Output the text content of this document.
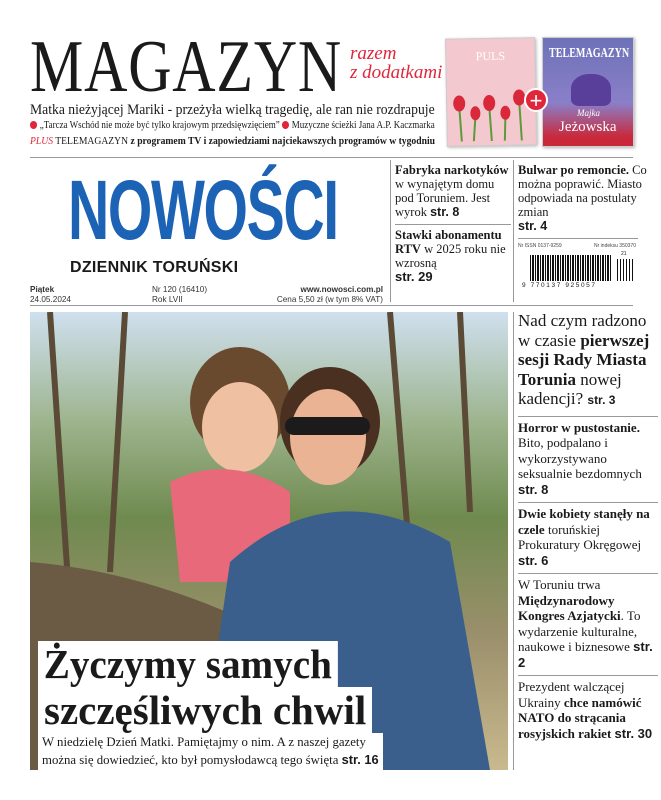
MAGAZYN razem
z dodatkami
Matka nieżyjącej Mariki - przeżyła wielką tragedię, ale ran nie rozdrapuje
„Tarcza Wschód nie może być tylko krajowym przedsięwzięciem” Muzyczne ścieżki Jana A.P. Kaczmarka
PLUS TELEMAGAZYN z programem TV i zapowiedziami najciekawszych programów w tygodniu
PULS	TELEMAGAZYN
Majka
Jeżowska
+
NOWOŚCI
DZIENNIK TORUŃSKI
Piątek
24.05.2024
Nr 120 (16410)
Rok LVII
www.nowosci.com.pl
Cena 5,50 zł (w tym 8% VAT)
Fabryka narkotyków w wynajętym domu pod Toruniem. Jest wyrok str. 8
Stawki abonamentu RTV w 2025 roku nie wzrosną
str. 29
Bulwar po remoncie. Co można poprawić. Miasto odpowiada na postulaty zmian
str. 4
Nr ISSN 0137-9259	Nr indeksu 350370
21
9 770137 925057
Życzymy samych
szczęśliwych chwil
W niedzielę Dzień Matki. Pamiętajmy o nim. A z naszej gazety
można się dowiedzieć, kto był pomysłodawcą tego święta str. 16
Nad czym radzono w czasie pierwszej sesji Rady Miasta Torunia nowej kadencji? str. 3
Horror w pustostanie. Bito, podpalano i wykorzystywano seksualnie bezdomnych str. 8
Dwie kobiety stanęły na czele toruńskiej Prokuratury Okręgowej str. 6
W Toruniu trwa Międzynarodowy Kongres Azjatycki. To wydarzenie kulturalne, naukowe i biznesowe str. 2
Prezydent walczącej Ukrainy chce namówić NATO do strącania rosyjskich rakiet str. 30
